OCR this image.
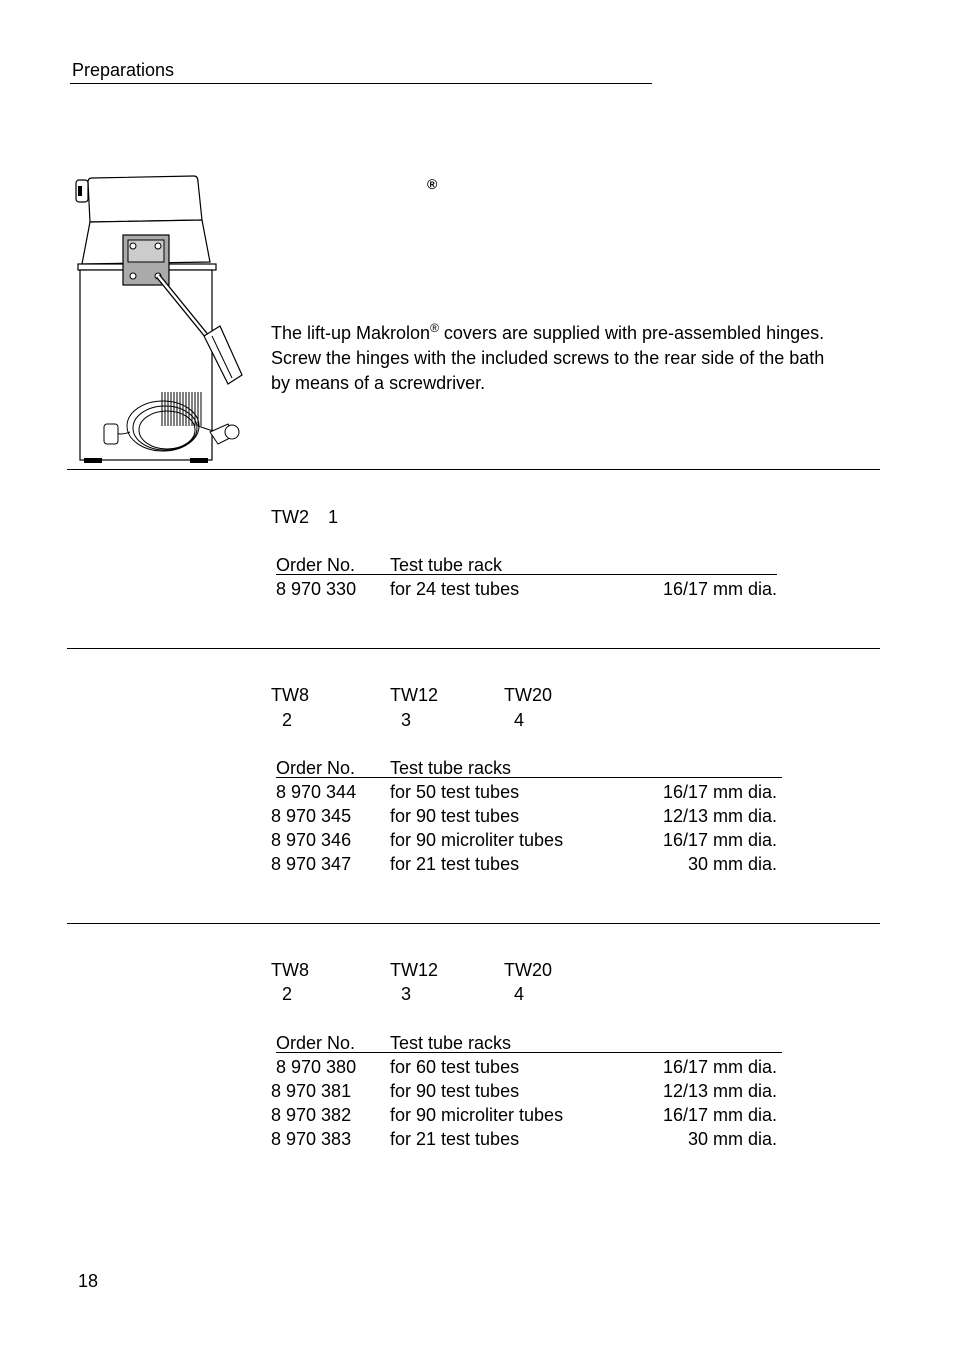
Preparations
®
The lift-up Makrolon® covers are supplied with pre-assembled hinges.
Screw the hinges with the included screws to the rear side of the bath
by means of a screwdriver.
TW2 1
Order No. Test tube rack
8 970 330 for 24 test tubes	16/17 mm dia.
TW8	TW12	TW20
2	3	4
Order No. Test tube racks
8 970 344 for 50 test tubes	16/17 mm dia.
8 970 345 for 90 test tubes	12/13 mm dia.
8 970 346 for 90 microliter tubes	16/17 mm dia.
8 970 347 for 21 test tubes	30 mm dia.
TW8	TW12	TW20
2	3	4
Order No. Test tube racks
8 970 380 for 60 test tubes	16/17 mm dia.
8 970 381 for 90 test tubes	12/13 mm dia.
8 970 382 for 90 microliter tubes	16/17 mm dia.
8 970 383 for 21 test tubes	30 mm dia.
18
